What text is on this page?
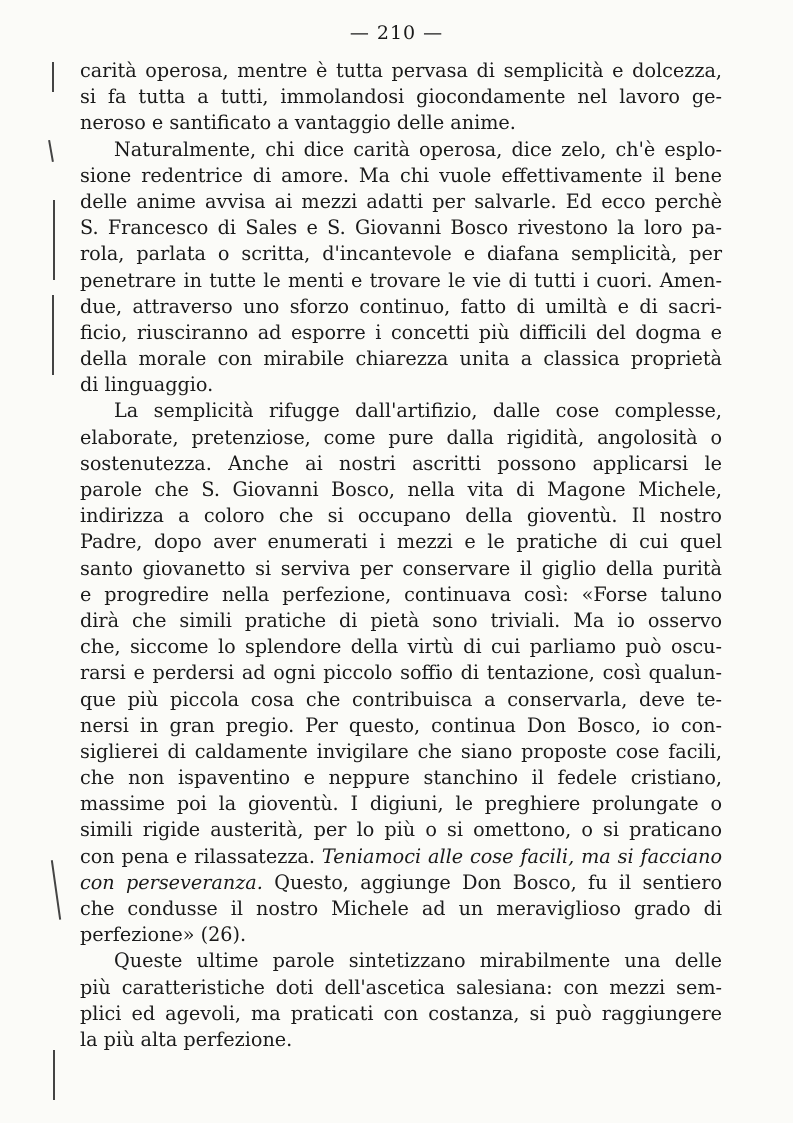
— 210 —
carità operosa, mentre è tutta pervasa di semplicità e dolcezza,
si fa tutta a tutti, immolandosi giocondamente nel lavoro ge-
neroso e santificato a vantaggio delle anime.
Naturalmente, chi dice carità operosa, dice zelo, ch'è esplo-
sione redentrice di amore. Ma chi vuole effettivamente il bene
delle anime avvisa ai mezzi adatti per salvarle. Ed ecco perchè
S. Francesco di Sales e S. Giovanni Bosco rivestono la loro pa-
rola, parlata o scritta, d'incantevole e diafana semplicità, per
penetrare in tutte le menti e trovare le vie di tutti i cuori. Amen-
due, attraverso uno sforzo continuo, fatto di umiltà e di sacri-
ficio, riusciranno ad esporre i concetti più difficili del dogma e
della morale con mirabile chiarezza unita a classica proprietà
di linguaggio.
La semplicità rifugge dall'artifizio, dalle cose complesse,
elaborate, pretenziose, come pure dalla rigidità, angolosità o
sostenutezza. Anche ai nostri ascritti possono applicarsi le
parole che S. Giovanni Bosco, nella vita di Magone Michele,
indirizza a coloro che si occupano della gioventù. Il nostro
Padre, dopo aver enumerati i mezzi e le pratiche di cui quel
santo giovanetto si serviva per conservare il giglio della purità
e progredire nella perfezione, continuava così: «Forse taluno
dirà che simili pratiche di pietà sono triviali. Ma io osservo
che, siccome lo splendore della virtù di cui parliamo può oscu-
rarsi e perdersi ad ogni piccolo soffio di tentazione, così qualun-
que più piccola cosa che contribuisca a conservarla, deve te-
nersi in gran pregio. Per questo, continua Don Bosco, io con-
siglierei di caldamente invigilare che siano proposte cose facili,
che non ispaventino e neppure stanchino il fedele cristiano,
massime poi la gioventù. I digiuni, le preghiere prolungate o
simili rigide austerità, per lo più o si omettono, o si praticano
con pena e rilassatezza. Teniamoci alle cose facili, ma si facciano
con perseveranza. Questo, aggiunge Don Bosco, fu il sentiero
che condusse il nostro Michele ad un meraviglioso grado di
perfezione» (26).
Queste ultime parole sintetizzano mirabilmente una delle
più caratteristiche doti dell'ascetica salesiana: con mezzi sem-
plici ed agevoli, ma praticati con costanza, si può raggiungere
la più alta perfezione.
